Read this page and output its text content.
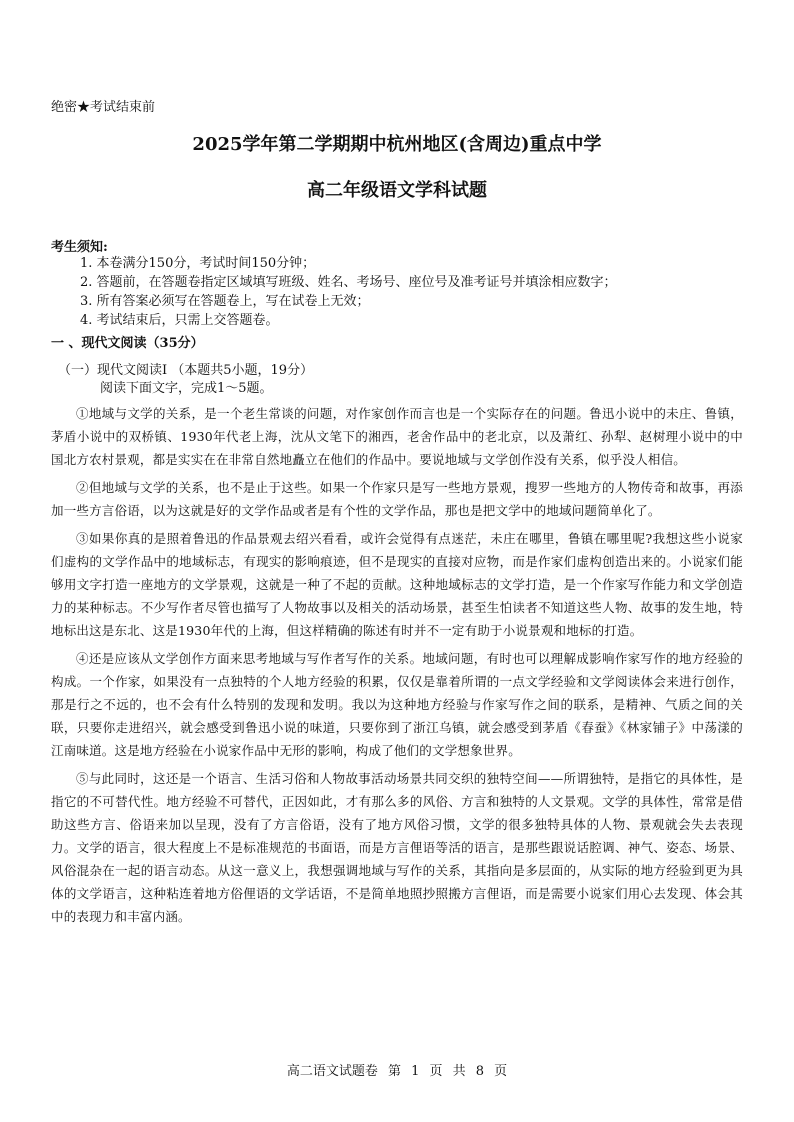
绝密★考试结束前
2025学年第二学期期中杭州地区(含周边)重点中学
高二年级语文学科试题
考生须知:
1. 本卷满分150分，考试时间150分钟；
2. 答题前，在答题卷指定区域填写班级、姓名、考场号、座位号及准考证号并填涂相应数字；
3. 所有答案必须写在答题卷上，写在试卷上无效；
4. 考试结束后，只需上交答题卷。
一 、现代文阅读（35分）
（一）现代文阅读Ⅰ （本题共5小题，19分）
阅读下面文字，完成1～5题。

①地域与文学的关系，是一个老生常谈的问题，对作家创作而言也是一个实际存在的问题。鲁迅小说中的未庄、鲁镇，茅盾小说中的双桥镇、1930年代老上海，沈从文笔下的湘西，老舍作品中的老北京，以及萧红、孙犁、赵树理小说中的中国北方农村景观，都是实实在在非常自然地矗立在他们的作品中。要说地域与文学创作没有关系，似乎没人相信。

②但地域与文学的关系，也不是止于这些。如果一个作家只是写一些地方景观，搜罗一些地方的人物传奇和故事，再添加一些方言俗语，以为这就是好的文学作品或者是有个性的文学作品，那也是把文学中的地域问题简单化了。

③如果你真的是照着鲁迅的作品景观去绍兴看看，或许会觉得有点迷茫，未庄在哪里，鲁镇在哪里呢?我想这些小说家们虚构的文学作品中的地域标志，有现实的影响痕迹，但不是现实的直接对应物，而是作家们虚构创造出来的。小说家们能够用文字打造一座地方的文学景观，这就是一种了不起的贡献。这种地域标志的文学打造，是一个作家写作能力和文学创造力的某种标志。不少写作者尽管也描写了人物故事以及相关的活动场景，甚至生怕读者不知道这些人物、故事的发生地，特地标出这是东北、这是1930年代的上海，但这样精确的陈述有时并不一定有助于小说景观和地标的打造。

④还是应该从文学创作方面来思考地域与写作者写作的关系。地域问题，有时也可以理解成影响作家写作的地方经验的构成。一个作家，如果没有一点独特的个人地方经验的积累，仅仅是靠着所谓的一点文学经验和文学阅读体会来进行创作，那是行之不远的，也不会有什么特别的发现和发明。我以为这种地方经验与作家写作之间的联系，是精神、气质之间的关联，只要你走进绍兴，就会感受到鲁迅小说的味道，只要你到了浙江乌镇，就会感受到茅盾《春蚕》《林家铺子》中荡漾的江南味道。这是地方经验在小说家作品中无形的影响，构成了他们的文学想象世界。

⑤与此同时，这还是一个语言、生活习俗和人物故事活动场景共同交织的独特空间——所谓独特，是指它的具体性，是指它的不可替代性。地方经验不可替代，正因如此，才有那么多的风俗、方言和独特的人文景观。文学的具体性，常常是借助这些方言、俗语来加以呈现，没有了方言俗语，没有了地方风俗习惯，文学的很多独特具体的人物、景观就会失去表现力。文学的语言，很大程度上不是标准规范的书面语，而是方言俚语等活的语言，是那些跟说话腔调、神气、姿态、场景、风俗混杂在一起的语言动态。从这一意义上，我想强调地域与写作的关系，其指向是多层面的，从实际的地方经验到更为具体的文学语言，这种粘连着地方俗俚语的文学话语，不是简单地照抄照搬方言俚语，而是需要小说家们用心去发现、体会其中的表现力和丰富内涵。

高二语文试题卷 第 1 页 共 8 页
